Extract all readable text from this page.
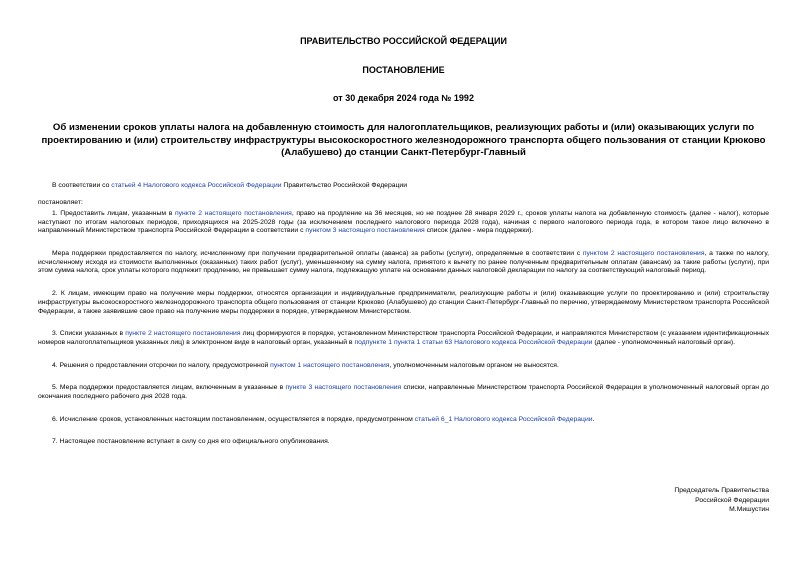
ПРАВИТЕЛЬСТВО РОССИЙСКОЙ ФЕДЕРАЦИИ
ПОСТАНОВЛЕНИЕ
от 30 декабря 2024 года № 1992
Об изменении сроков уплаты налога на добавленную стоимость для налогоплательщиков, реализующих работы и (или) оказывающих услуги по проектированию и (или) строительству инфраструктуры высокоскоростного железнодорожного транспорта общего пользования от станции Крюково (Алабушево) до станции Санкт-Петербург-Главный

В соответствии со статьей 4 Налогового кодекса Российской Федерации Правительство Российской Федерации

постановляет:

1. Предоставить лицам, указанным в пункте 2 настоящего постановления, право на продление на 36 месяцев, но не позднее 28 января 2029 г., сроков уплаты налога на добавленную стоимость (далее - налог), которые наступают по итогам налоговых периодов, приходящихся на 2025-2028 годы (за исключением последнего налогового периода 2028 года), начиная с первого налогового периода года, в котором такое лицо включено в направленный Министерством транспорта Российской Федерации в соответствии с пунктом 3 настоящего постановления список (далее - мера поддержки).

Мера поддержки предоставляется по налогу, исчисленному при получении предварительной оплаты (аванса) за работы (услуги), определяемые в соответствии с пунктом 2 настоящего постановления, а также по налогу, исчисленному исходя из стоимости выполненных (оказанных) таких работ (услуг), уменьшенному на сумму налога, принятого к вычету по ранее полученным предварительным оплатам (авансам) за такие работы (услуги), при этом сумма налога, срок уплаты которого подлежит продлению, не превышает сумму налога, подлежащую уплате на основании данных налоговой декларации по налогу за соответствующий налоговый период.

2. К лицам, имеющим право на получение меры поддержки, относятся организации и индивидуальные предприниматели, реализующие работы и (или) оказывающие услуги по проектированию и (или) строительству инфраструктуры высокоскоростного железнодорожного транспорта общего пользования от станции Крюково (Алабушево) до станции Санкт-Петербург-Главный по перечню, утверждаемому Министерством транспорта Российской Федерации, а также заявившие свое право на получение меры поддержки в порядке, утверждаемом Министерством.

3. Списки указанных в пункте 2 настоящего постановления лиц формируются в порядке, установленном Министерством транспорта Российской Федерации, и направляются Министерством (с указанием идентификационных номеров налогоплательщиков указанных лиц) в электронном виде в налоговый орган, указанный в подпункте 1 пункта 1 статьи 63 Налогового кодекса Российской Федерации (далее - уполномоченный налоговый орган).

4. Решения о предоставлении отсрочки по налогу, предусмотренной пунктом 1 настоящего постановления, уполномоченным налоговым органом не выносятся.

5. Мера поддержки предоставляется лицам, включенным в указанные в пункте 3 настоящего постановления списки, направленные Министерством транспорта Российской Федерации в уполномоченный налоговый орган до окончания последнего рабочего дня 2028 года.

6. Исчисление сроков, установленных настоящим постановлением, осуществляется в порядке, предусмотренном статьей 6_1 Налогового кодекса Российской Федерации.

7. Настоящее постановление вступает в силу со дня его официального опубликования.

Председатель Правительства
Российской Федерации
М.Мишустин
